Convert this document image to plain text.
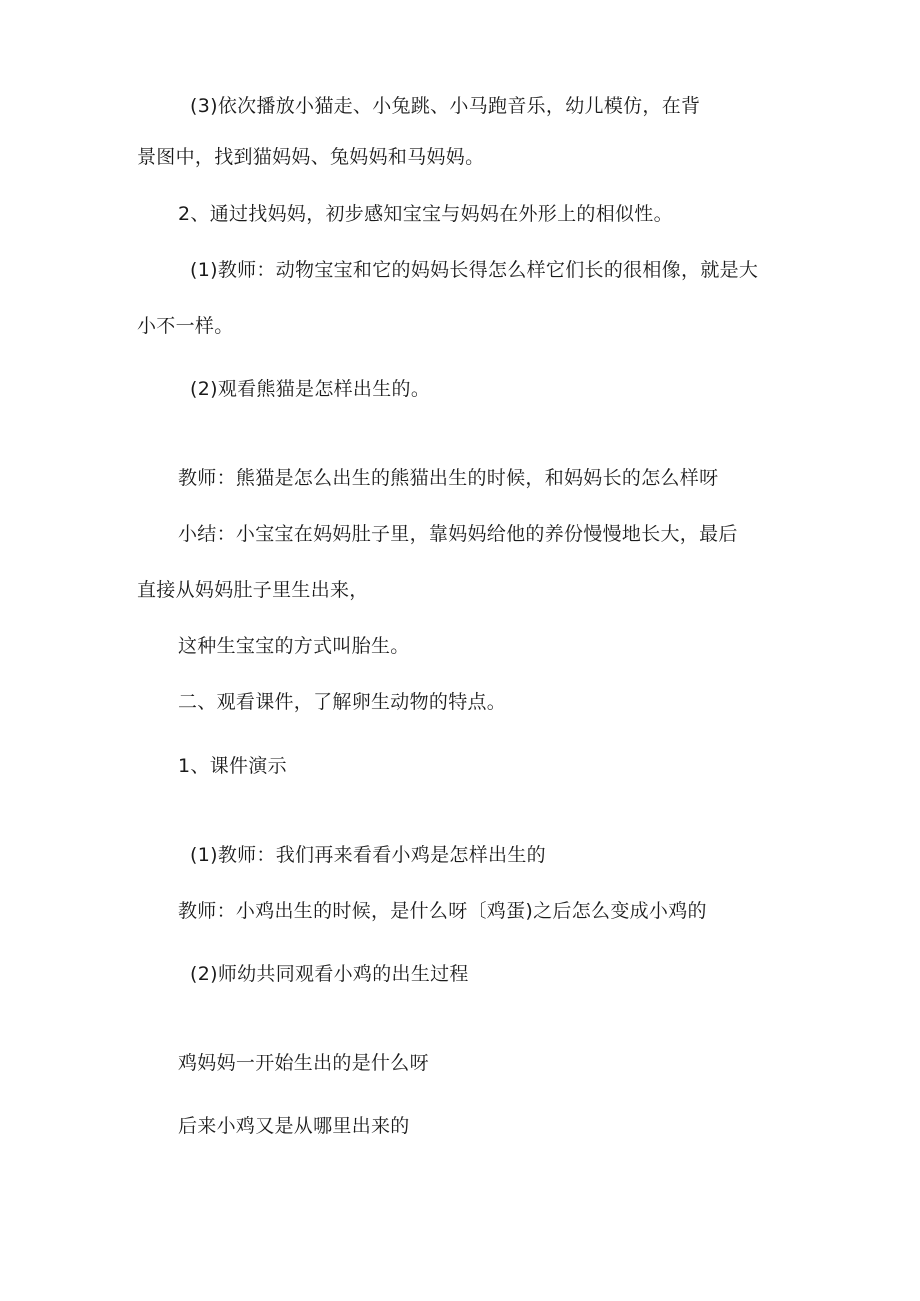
(3)依次播放小猫走、小兔跳、小马跑音乐，幼儿模仿，在背
景图中，找到猫妈妈、兔妈妈和马妈妈。
2、通过找妈妈，初步感知宝宝与妈妈在外形上的相似性。
(1)教师：动物宝宝和它的妈妈长得怎么样它们长的很相像，就是大
小不一样。
(2)观看熊猫是怎样出生的。
教师：熊猫是怎么出生的熊猫出生的时候，和妈妈长的怎么样呀
小结：小宝宝在妈妈肚子里，靠妈妈给他的养份慢慢地长大，最后
直接从妈妈肚子里生出来，
这种生宝宝的方式叫胎生。
二、观看课件，了解卵生动物的特点。
1、课件演示
(1)教师：我们再来看看小鸡是怎样出生的
教师：小鸡出生的时候，是什么呀〔鸡蛋)之后怎么变成小鸡的
(2)师幼共同观看小鸡的出生过程
鸡妈妈一开始生出的是什么呀
后来小鸡又是从哪里出来的
